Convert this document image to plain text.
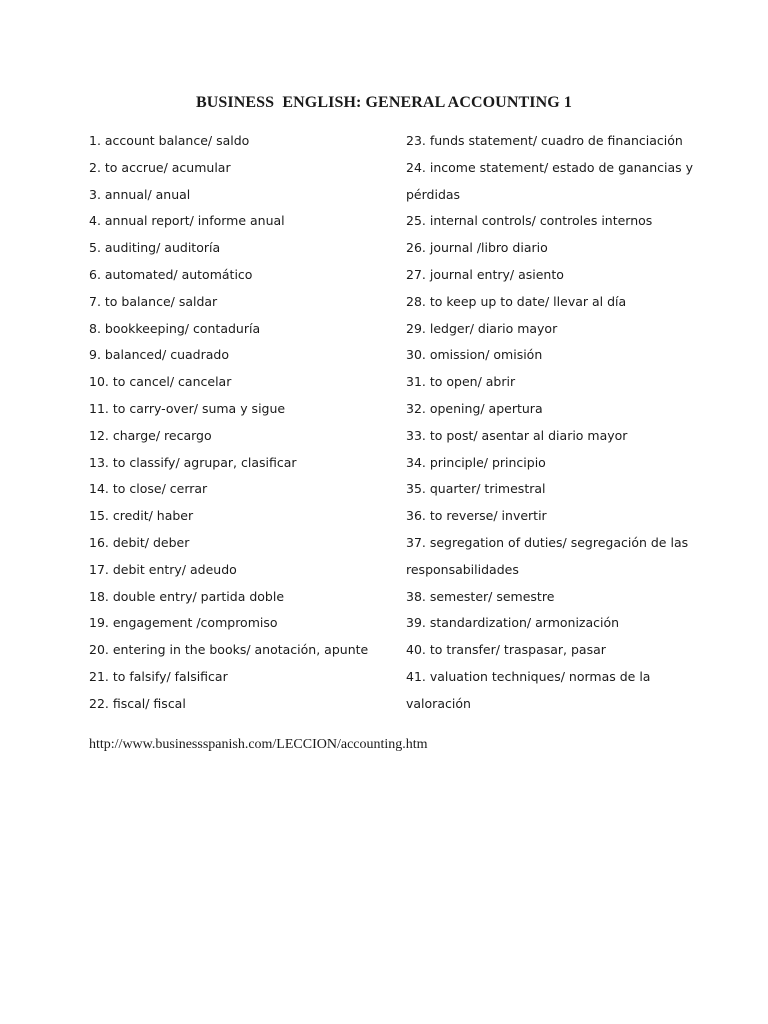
BUSINESS  ENGLISH: GENERAL ACCOUNTING 1
1. account balance/ saldo
2. to accrue/ acumular
3. annual/ anual
4. annual report/ informe anual
5. auditing/ auditoría
6. automated/ automático
7. to balance/ saldar
8. bookkeeping/ contaduría
9. balanced/ cuadrado
10. to cancel/ cancelar
11. to carry-over/ suma y sigue
12. charge/ recargo
13. to classify/ agrupar, clasificar
14. to close/ cerrar
15. credit/ haber
16. debit/ deber
17. debit entry/ adeudo
18. double entry/ partida doble
19. engagement /compromiso
20. entering in the books/ anotación, apunte
21. to falsify/ falsificar
22. fiscal/ fiscal
23. funds statement/ cuadro de financiación
24. income statement/ estado de ganancias y
pérdidas
25. internal controls/ controles internos
26. journal /libro diario
27. journal entry/ asiento
28. to keep up to date/ llevar al día
29. ledger/ diario mayor
30. omission/ omisión
31. to open/ abrir
32. opening/ apertura
33. to post/ asentar al diario mayor
34. principle/ principio
35. quarter/ trimestral
36. to reverse/ invertir
37. segregation of duties/ segregación de las
responsabilidades
38. semester/ semestre
39. standardization/ armonización
40. to transfer/ traspasar, pasar
41. valuation techniques/ normas de la
valoración
http://www.businessspanish.com/LECCION/accounting.htm
